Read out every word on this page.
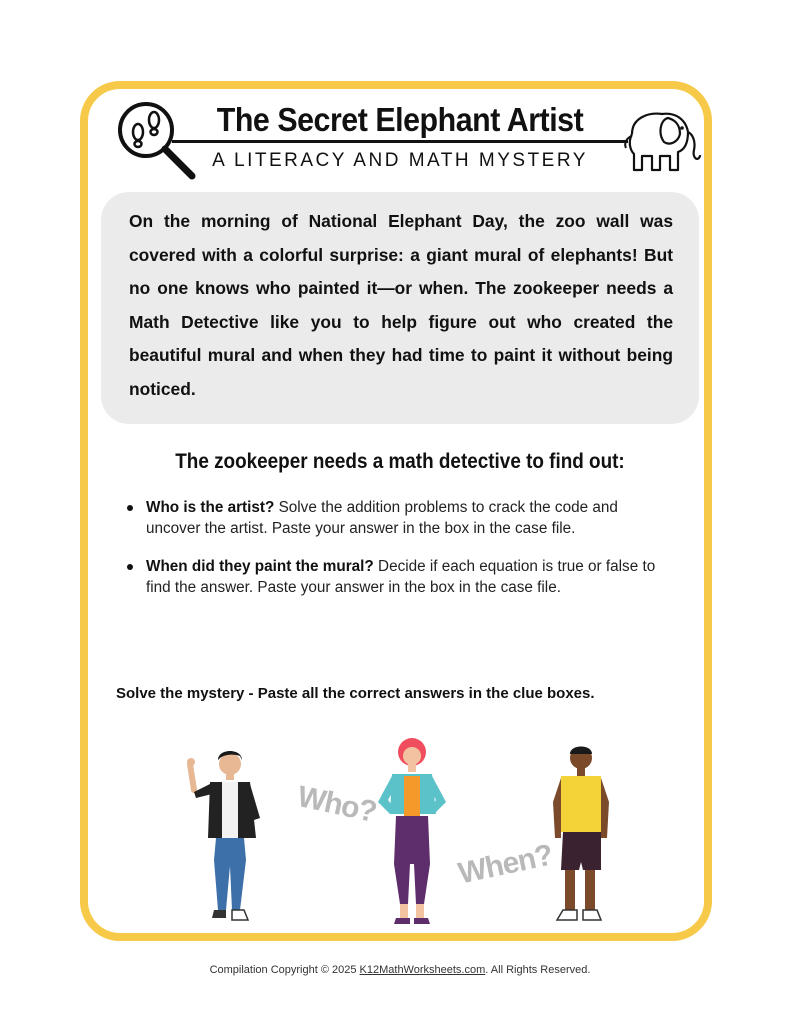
The Secret Elephant Artist
A LITERACY AND MATH MYSTERY

On the morning of National Elephant Day, the zoo wall was covered with a colorful surprise: a giant mural of elephants! But no one knows who painted it—or when. The zookeeper needs a Math Detective like you to help figure out who created the beautiful mural and when they had time to paint it without being noticed.

The zookeeper needs a math detective to find out:
Who is the artist? Solve the addition problems to crack the code and uncover the artist. Paste your answer in the box in the case file.
When did they paint the mural? Decide if each equation is true or false to find the answer. Paste your answer in the box in the case file.
Solve the mystery - Paste all the correct answers in the clue boxes.
Who?
When?
Compilation Copyright © 2025 K12MathWorksheets.com. All Rights Reserved.
